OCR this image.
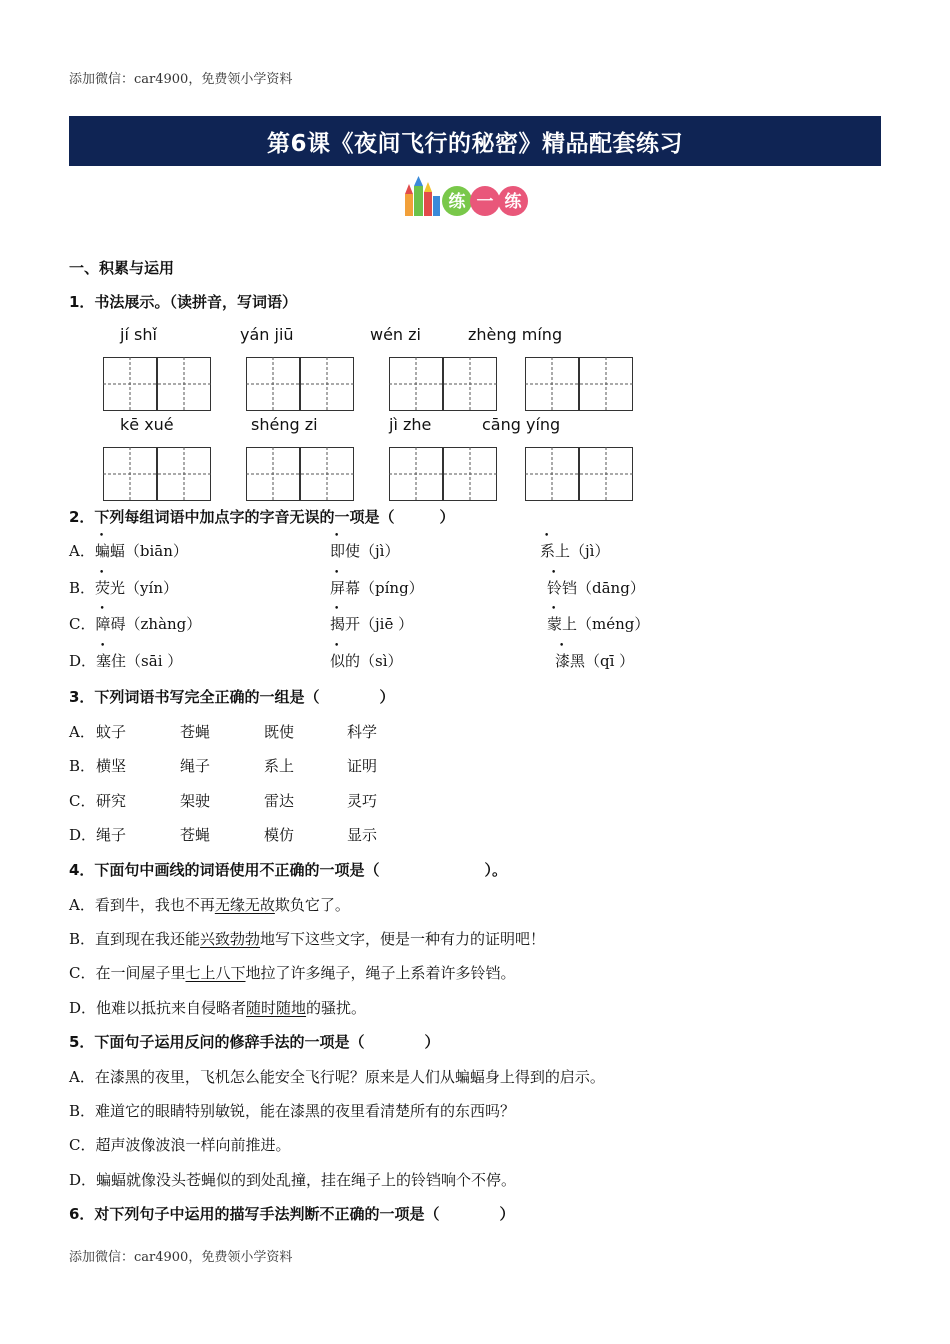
添加微信：car4900，免费领小学资料
第6课《夜间飞行的秘密》精品配套练习
练 一 练
一、积累与运用
1．书法展示。（读拼音，写词语）
jí shǐ	yán jiū	wén zi	zhèng míng
kē xué	shéng zi	jì zhe	cāng yíng
2．下列每组词语中加点字的字音无误的一项是（　　　）
A．蝙蝠（biān）	即使（jì）	系上（jì）
B．荧光（yín）	屏幕（píng）	铃铛（dāng）
C．障碍（zhàng）	揭开（jiē ）	蒙上（méng）
D．塞住（sāi ）	似的（sì）	漆黑（qī ）
3．下列词语书写完全正确的一组是（　　　　）
A． 蚊子	苍蝇	既使	科学
B． 横坚	绳子	系上	证明
C． 研究	架驶	雷达	灵巧
D． 绳子	苍蝇	模仿	显示
4．下面句中画线的词语使用不正确的一项是（　　　　　　　）。
A．看到牛，我也不再无缘无故欺负它了。
B．直到现在我还能兴致勃勃地写下这些文字，便是一种有力的证明吧！
C．在一间屋子里七上八下地拉了许多绳子，绳子上系着许多铃铛。
D．他难以抵抗来自侵略者随时随地的骚扰。
5．下面句子运用反问的修辞手法的一项是（　　　　）
A．在漆黑的夜里，飞机怎么能安全飞行呢？原来是人们从蝙蝠身上得到的启示。
B．难道它的眼睛特别敏锐，能在漆黑的夜里看清楚所有的东西吗？
C．超声波像波浪一样向前推进。
D．蝙蝠就像没头苍蝇似的到处乱撞，挂在绳子上的铃铛响个不停。
6．对下列句子中运用的描写手法判断不正确的一项是（　　　　）
添加微信：car4900，免费领小学资料
